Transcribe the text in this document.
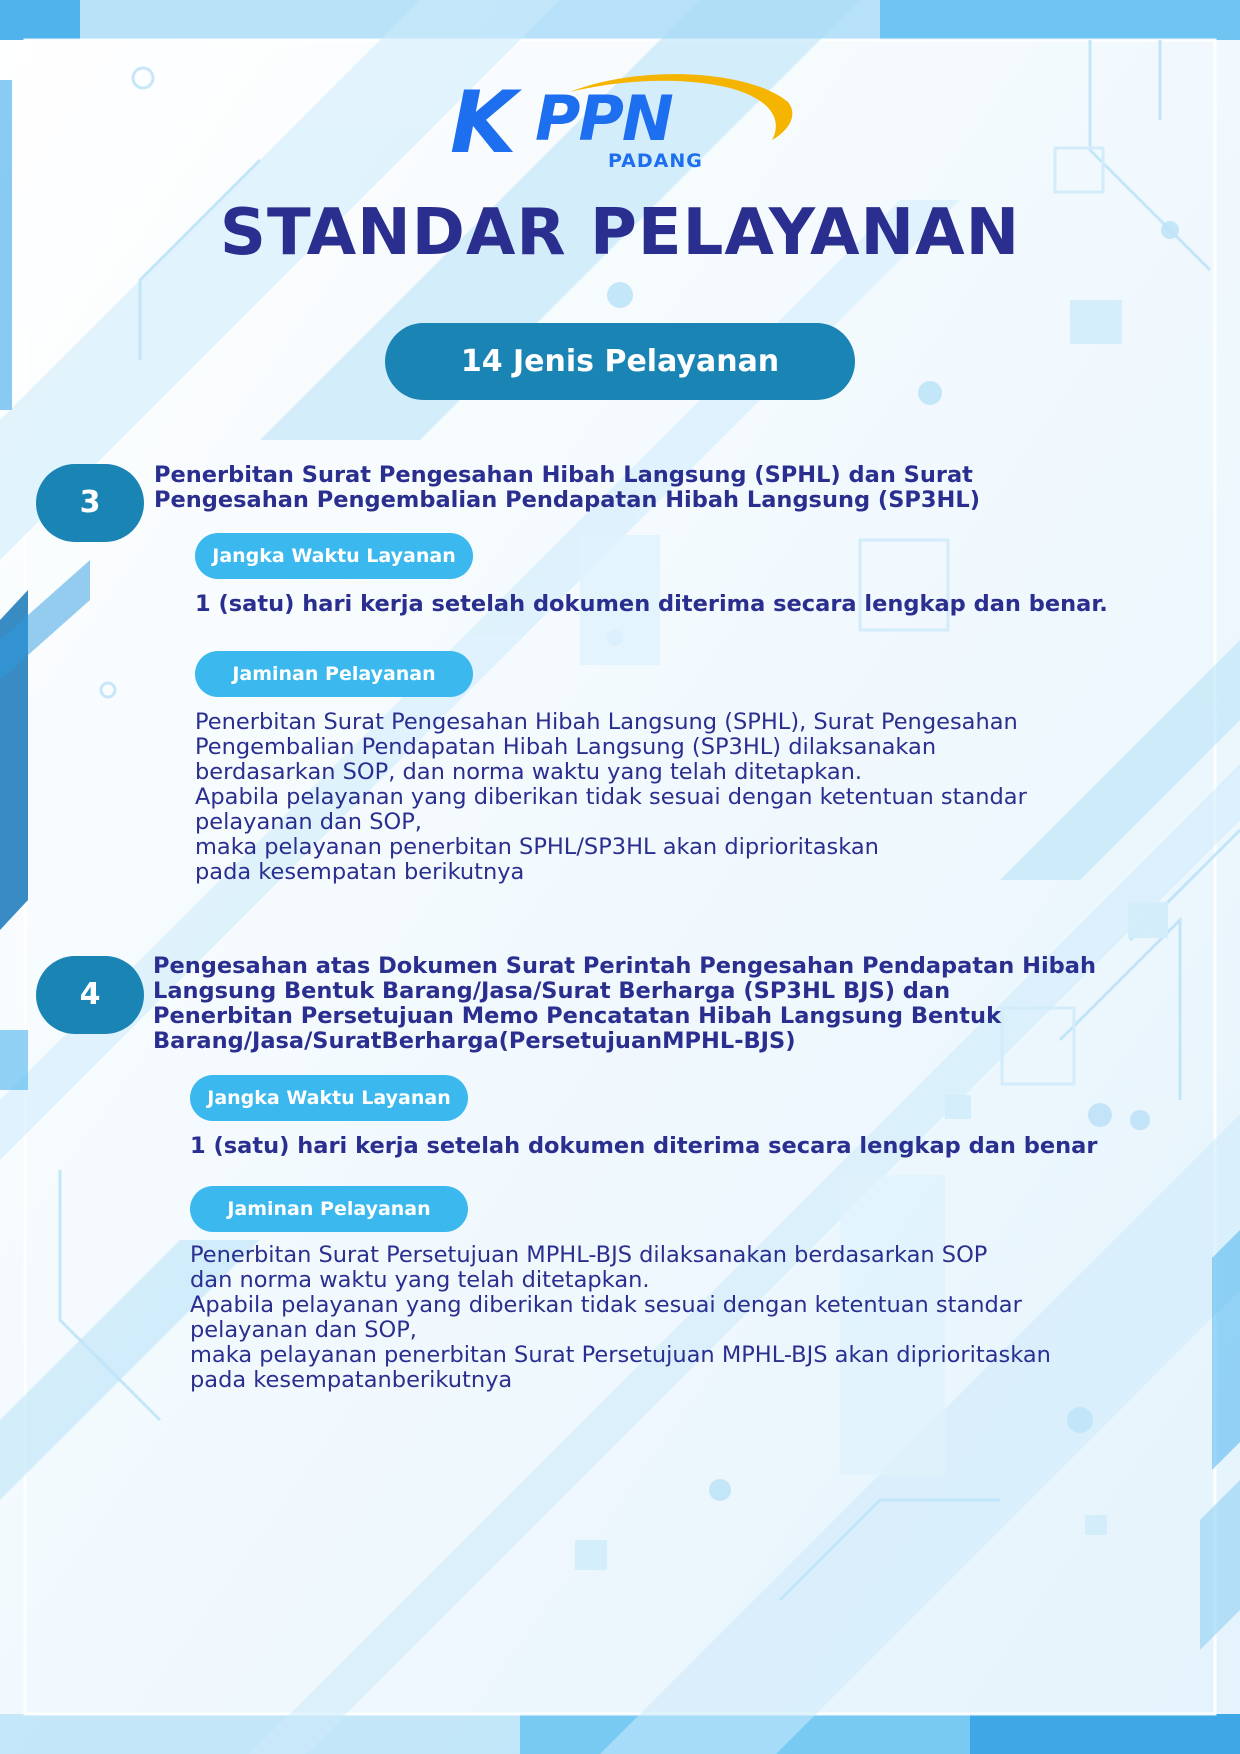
K PPN
PADANG
STANDAR PELAYANAN
14 Jenis Pelayanan
3

Penerbitan Surat Pengesahan Hibah Langsung (SPHL) dan Surat

Pengesahan Pengembalian Pendapatan Hibah Langsung (SP3HL)

Jangka Waktu Layanan
1 (satu) hari kerja setelah dokumen diterima secara lengkap dan benar.
Jaminan Pelayanan

Penerbitan Surat Pengesahan Hibah Langsung (SPHL), Surat Pengesahan

Pengembalian Pendapatan Hibah Langsung (SP3HL) dilaksanakan

berdasarkan SOP, dan norma waktu yang telah ditetapkan.

Apabila pelayanan yang diberikan tidak sesuai dengan ketentuan standar

pelayanan dan SOP,

maka pelayanan penerbitan SPHL/SP3HL akan diprioritaskan

pada kesempatan berikutnya

4

Pengesahan atas Dokumen Surat Perintah Pengesahan Pendapatan Hibah

Langsung Bentuk Barang/Jasa/Surat Berharga (SP3HL BJS) dan

Penerbitan Persetujuan Memo Pencatatan Hibah Langsung Bentuk

Barang/Jasa/SuratBerharga(PersetujuanMPHL-BJS)

Jangka Waktu Layanan
1 (satu) hari kerja setelah dokumen diterima secara lengkap dan benar
Jaminan Pelayanan

Penerbitan Surat Persetujuan MPHL-BJS dilaksanakan berdasarkan SOP

dan norma waktu yang telah ditetapkan.

Apabila pelayanan yang diberikan tidak sesuai dengan ketentuan standar

pelayanan dan SOP,

maka pelayanan penerbitan Surat Persetujuan MPHL-BJS akan diprioritaskan

pada kesempatanberikutnya
